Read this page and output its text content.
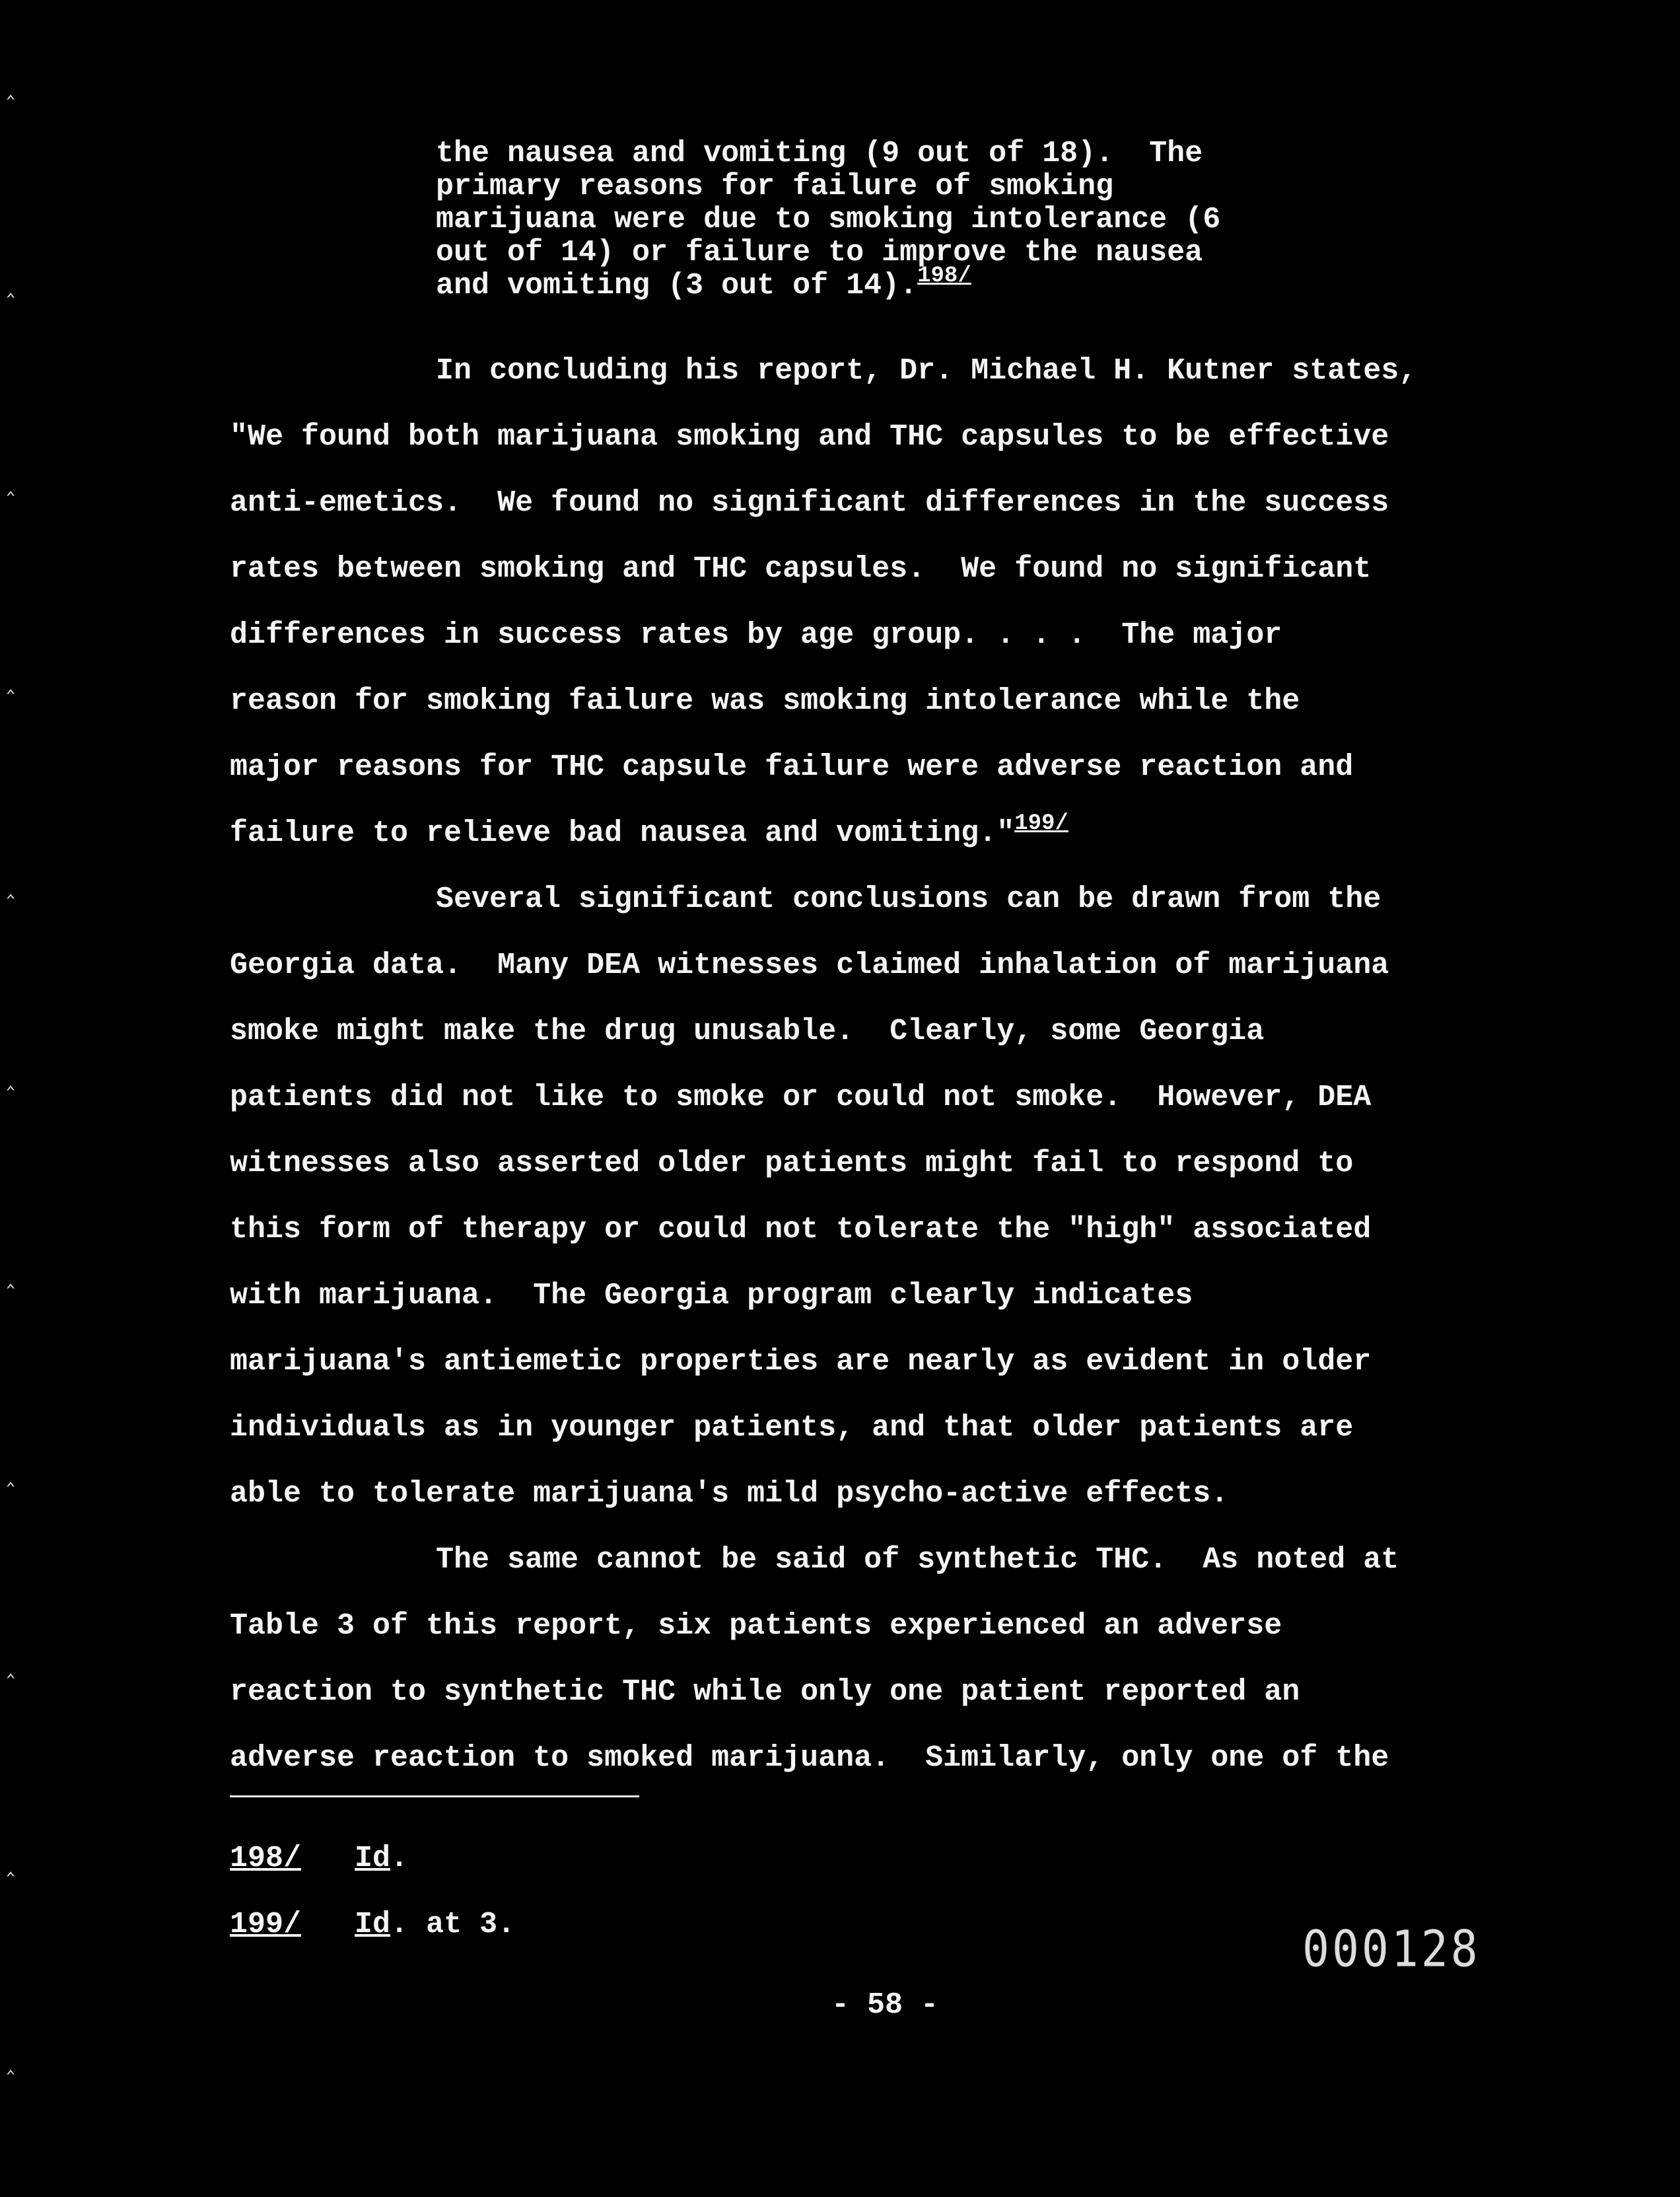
‸
‸
‸
‸
‸
‸
‸
‸
‸
‸
‸
the nausea and vomiting (9 out of 18).  The
primary reasons for failure of smoking
marijuana were due to smoking intolerance (6
out of 14) or failure to improve the nausea
and vomiting (3 out of 14).$^{198/}$
In concluding his report, Dr. Michael H. Kutner states,
"We found both marijuana smoking and THC capsules to be effective
anti-emetics.  We found no significant differences in the success
rates between smoking and THC capsules.  We found no significant
differences in success rates by age group. . . .  The major
reason for smoking failure was smoking intolerance while the
major reasons for THC capsule failure were adverse reaction and
failure to relieve bad nausea and vomiting."$^{199/}$
Several significant conclusions can be drawn from the
Georgia data.  Many DEA witnesses claimed inhalation of marijuana
smoke might make the drug unusable.  Clearly, some Georgia
patients did not like to smoke or could not smoke.  However, DEA
witnesses also asserted older patients might fail to respond to
this form of therapy or could not tolerate the "high" associated
with marijuana.  The Georgia program clearly indicates
marijuana's antiemetic properties are nearly as evident in older
individuals as in younger patients, and that older patients are
able to tolerate marijuana's mild psycho-active effects.
The same cannot be said of synthetic THC.  As noted at
Table 3 of this report, six patients experienced an adverse
reaction to synthetic THC while only one patient reported an
adverse reaction to smoked marijuana.  Similarly, only one of the
198/ Id.
199/ Id. at 3.	000128
- 58 -
